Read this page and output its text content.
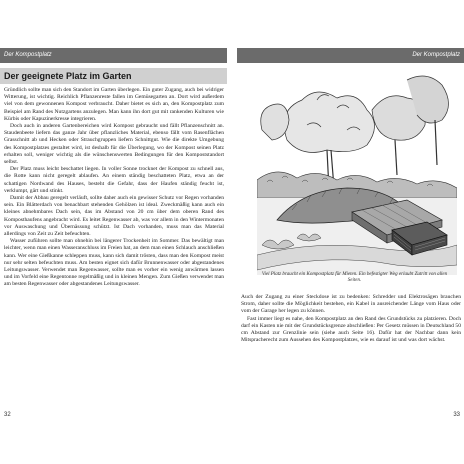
Der Kompostplatz
Der geeignete Platz im Garten

Gründlich sollte man sich den Standort im Garten überlegen. Ein guter Zugang, auch bei widriger Witterung, ist wichtig. Reichlich Pflanzenreste fallen im Gemüsegarten an. Dort wird außerdem viel von dem gewonnenen Kompost verbraucht. Daher bietet es sich an, den Kompostplatz zum Beispiel am Rand des Nutzgartens anzulegen. Man kann ihn dort gut mit rankenden Kulturen wie Kürbis oder Kapuzinerkresse integrieren.

Doch auch in anderen Gartenbereichen wird Kompost gebraucht und fällt Pflanzenschnitt an. Staudenbeete liefern das ganze Jahr über pflanzliches Material, ebenso fällt vom Rasenflächen Grasschnitt ab und Hecken oder Strauchgruppen liefern Schnittgut. Wie die direkte Umgebung des Kompostplatzes gestaltet wird, ist deshalb für die Überlegung, wo der Kompost seinen Platz erhalten soll, weniger wichtig als die wünschenswerten Bedingungen für den Kompoststandort selbst.

Der Platz muss leicht beschattet liegen. In voller Sonne trocknet der Kompost zu schnell aus, die Rotte kann nicht geregelt ablaufen. An einem ständig beschatteten Platz, etwa an der schattigen Nordwand des Hauses, besteht die Gefahr, dass der Haufen ständig feucht ist, verklumpt, gärt und stinkt.

Damit der Abbau geregelt verläuft, sollte daher auch ein gewisser Schutz vor Regen vorhanden sein. Ein Blätterdach von benachbart stehenden Gehölzen ist ideal. Zweckmäßig kann auch ein kleines abnehmbares Dach sein, das im Abstand von 20 cm über dem oberen Rand des Komposthaufens angebracht wird. Es leitet Regenwasser ab, was vor allem in den Wintermonaten vor Auswaschung und Übernässung schützt. Ist Dach vorhanden, muss man das Material allerdings von Zeit zu Zeit befeuchten.

Wasser zuführen sollte man ohnehin bei längerer Trockenheit im Sommer. Das bewältigt man leichter, wenn man einen Wasseranschluss im Freien hat, an dem man einen Schlauch anschließen kann. Wer eine Gießkanne schleppen muss, kann sich damit trösten, dass man den Kompost meist nur sehr selten befeuchten muss. Am besten eignet sich dafür Brunnenwasser oder abgestandenes Leitungswasser. Verwendet man Regenwasser, sollte man es vorher ein wenig anwärmen lassen und im Vorfeld eine Regentonne regelmäßig und in kleinen Mengen. Zum Gießen verwendet man am besten Regenwasser oder abgestandenes Leitungswasser.

32
Der Kompostplatz
Viel Platz braucht ein Kompostplatz für Mieten. Ein befestigter Weg erlaubt Zutritt von allen Seiten.

Auch der Zugang zu einer Steckdose ist zu bedenken: Schredder und Elektrosägen brauchen Strom, daher sollte die Möglichkeit bestehen, ein Kabel in ausreichender Länge vom Haus oder vom der Garage her legen zu können.

Fast immer liegt es nahe, den Kompostplatz an den Rand des Grundstücks zu platzieren. Doch darf ein Kasten nie mit der Grundstücksgrenze abschließen: Per Gesetz müssen in Deutschland 50 cm Abstand zur Grenzlinie sein (siehe auch Seite 16). Dafür hat der Nachbar dann kein Mitspracherecht zum Aussehen des Kompostplatzes, wie es darauf ist und was dort wächst.

33
